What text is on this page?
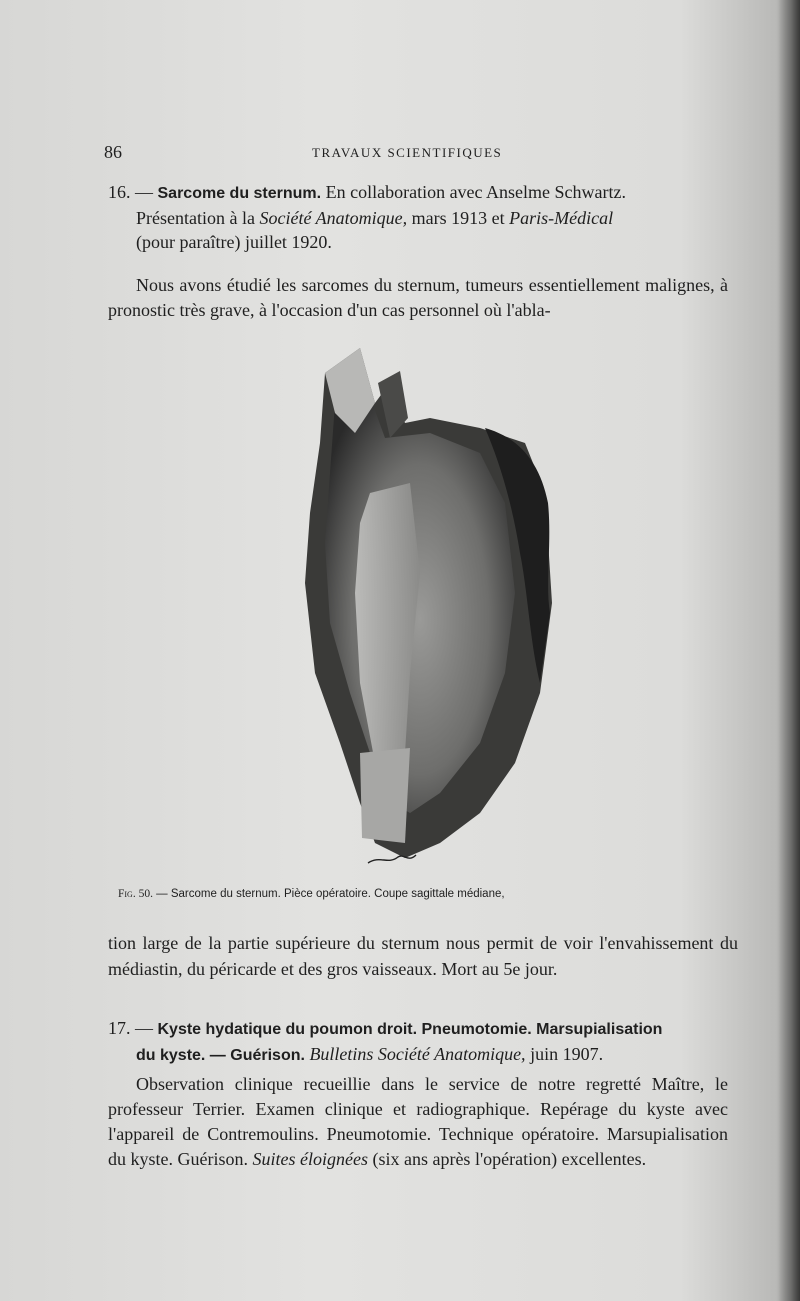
86	TRAVAUX SCIENTIFIQUES
16. — Sarcome du sternum. En collaboration avec Anselme Schwartz.
Présentation à la Société Anatomique, mars 1913 et Paris-Médical
(pour paraître) juillet 1920.
Nous avons étudié les sarcomes du sternum, tumeurs essentiellement malignes, à pronostic très grave, à l'occasion d'un cas personnel où l'abla-
Fig. 50. — Sarcome du sternum. Pièce opératoire. Coupe sagittale médiane,
tion large de la partie supérieure du sternum nous permit de voir l'envahissement du médiastin, du péricarde et des gros vaisseaux. Mort au 5e jour.
17. — Kyste hydatique du poumon droit. Pneumotomie. Marsupialisation
du kyste. — Guérison. Bulletins Société Anatomique, juin 1907.
Observation clinique recueillie dans le service de notre regretté Maître, le professeur Terrier. Examen clinique et radiographique. Repérage du kyste avec l'appareil de Contremoulins. Pneumotomie. Technique opératoire. Marsupialisation du kyste. Guérison. Suites éloignées (six ans après l'opération) excellentes.
